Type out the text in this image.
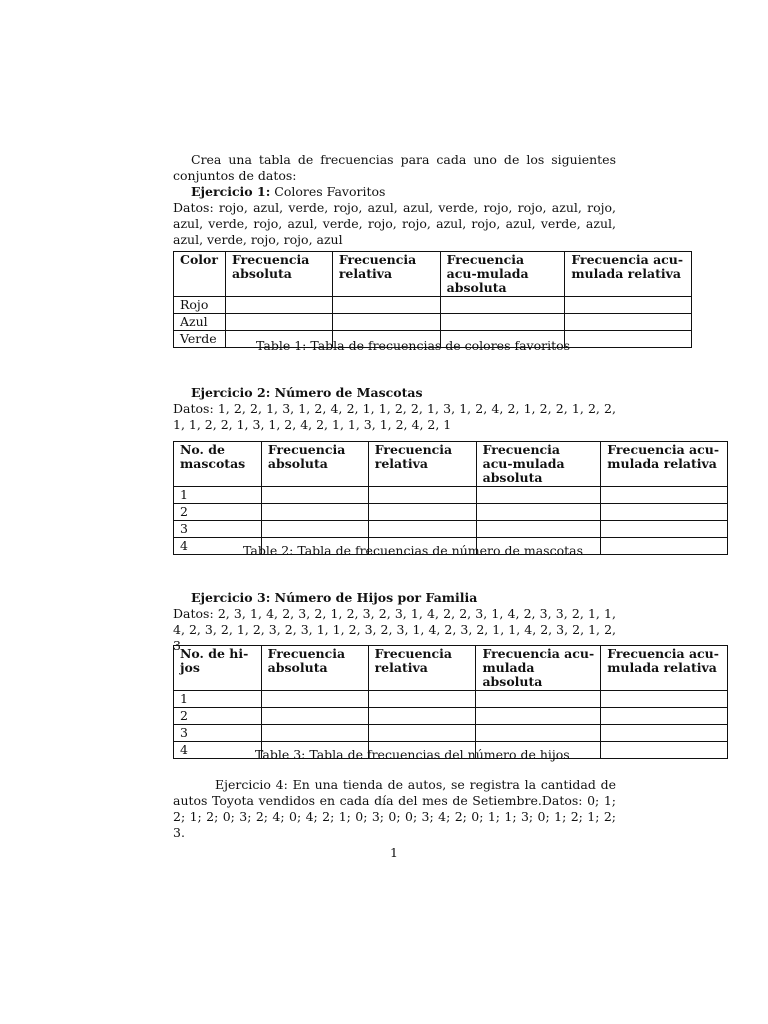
Crea una tabla de frecuencias para cada uno de los siguientes conjuntos de datos:
Ejercicio 1: Colores Favoritos
Datos: rojo, azul, verde, rojo, azul, azul, verde, rojo, rojo, azul, rojo, azul, verde, rojo, azul, verde, rojo, rojo, azul, rojo, azul, verde, azul, azul, verde, rojo, rojo, azul
Color	Frecuencia absoluta	Frecuencia relativa	Frecuencia acu-mulada absoluta	Frecuencia acu-mulada relativa
Rojo				
Azul				
Verde					Table 1: Tabla de frecuencias de colores favoritos
Ejercicio 2: Número de Mascotas
Datos: 1, 2, 2, 1, 3, 1, 2, 4, 2, 1, 1, 2, 2, 1, 3, 1, 2, 4, 2, 1, 2, 2, 1, 2, 2, 1, 1, 2, 2, 1, 3, 1, 2, 4, 2, 1, 1, 3, 1, 2, 4, 2, 1
No. de mascotas	Frecuencia absoluta	Frecuencia relativa	Frecuencia acu-mulada absoluta	Frecuencia acu-mulada relativa
1				
2				
3				
4					Table 2: Tabla de frecuencias de número de mascotas
Ejercicio 3: Número de Hijos por Familia
Datos: 2, 3, 1, 4, 2, 3, 2, 1, 2, 3, 2, 3, 1, 4, 2, 2, 3, 1, 4, 2, 3, 3, 2, 1, 1, 4, 2, 3, 2, 1, 2, 3, 2, 3, 1, 1, 2, 3, 2, 3, 1, 4, 2, 3, 2, 1, 1, 4, 2, 3, 2, 1, 2, 3
No. de hi-jos	Frecuencia absoluta	Frecuencia relativa	Frecuencia acu-mulada absoluta	Frecuencia acu-mulada relativa
1				
2				
3				
4					Table 3: Tabla de frecuencias del número de hijos
Ejercicio 4: En una tienda de autos, se registra la cantidad de autos Toyota vendidos en cada día del mes de Setiembre.Datos: 0; 1; 2; 1; 2; 0; 3; 2; 4; 0; 4; 2; 1; 0; 3; 0; 0; 3; 4; 2; 0; 1; 1; 3; 0; 1; 2; 1; 2; 3.
1
